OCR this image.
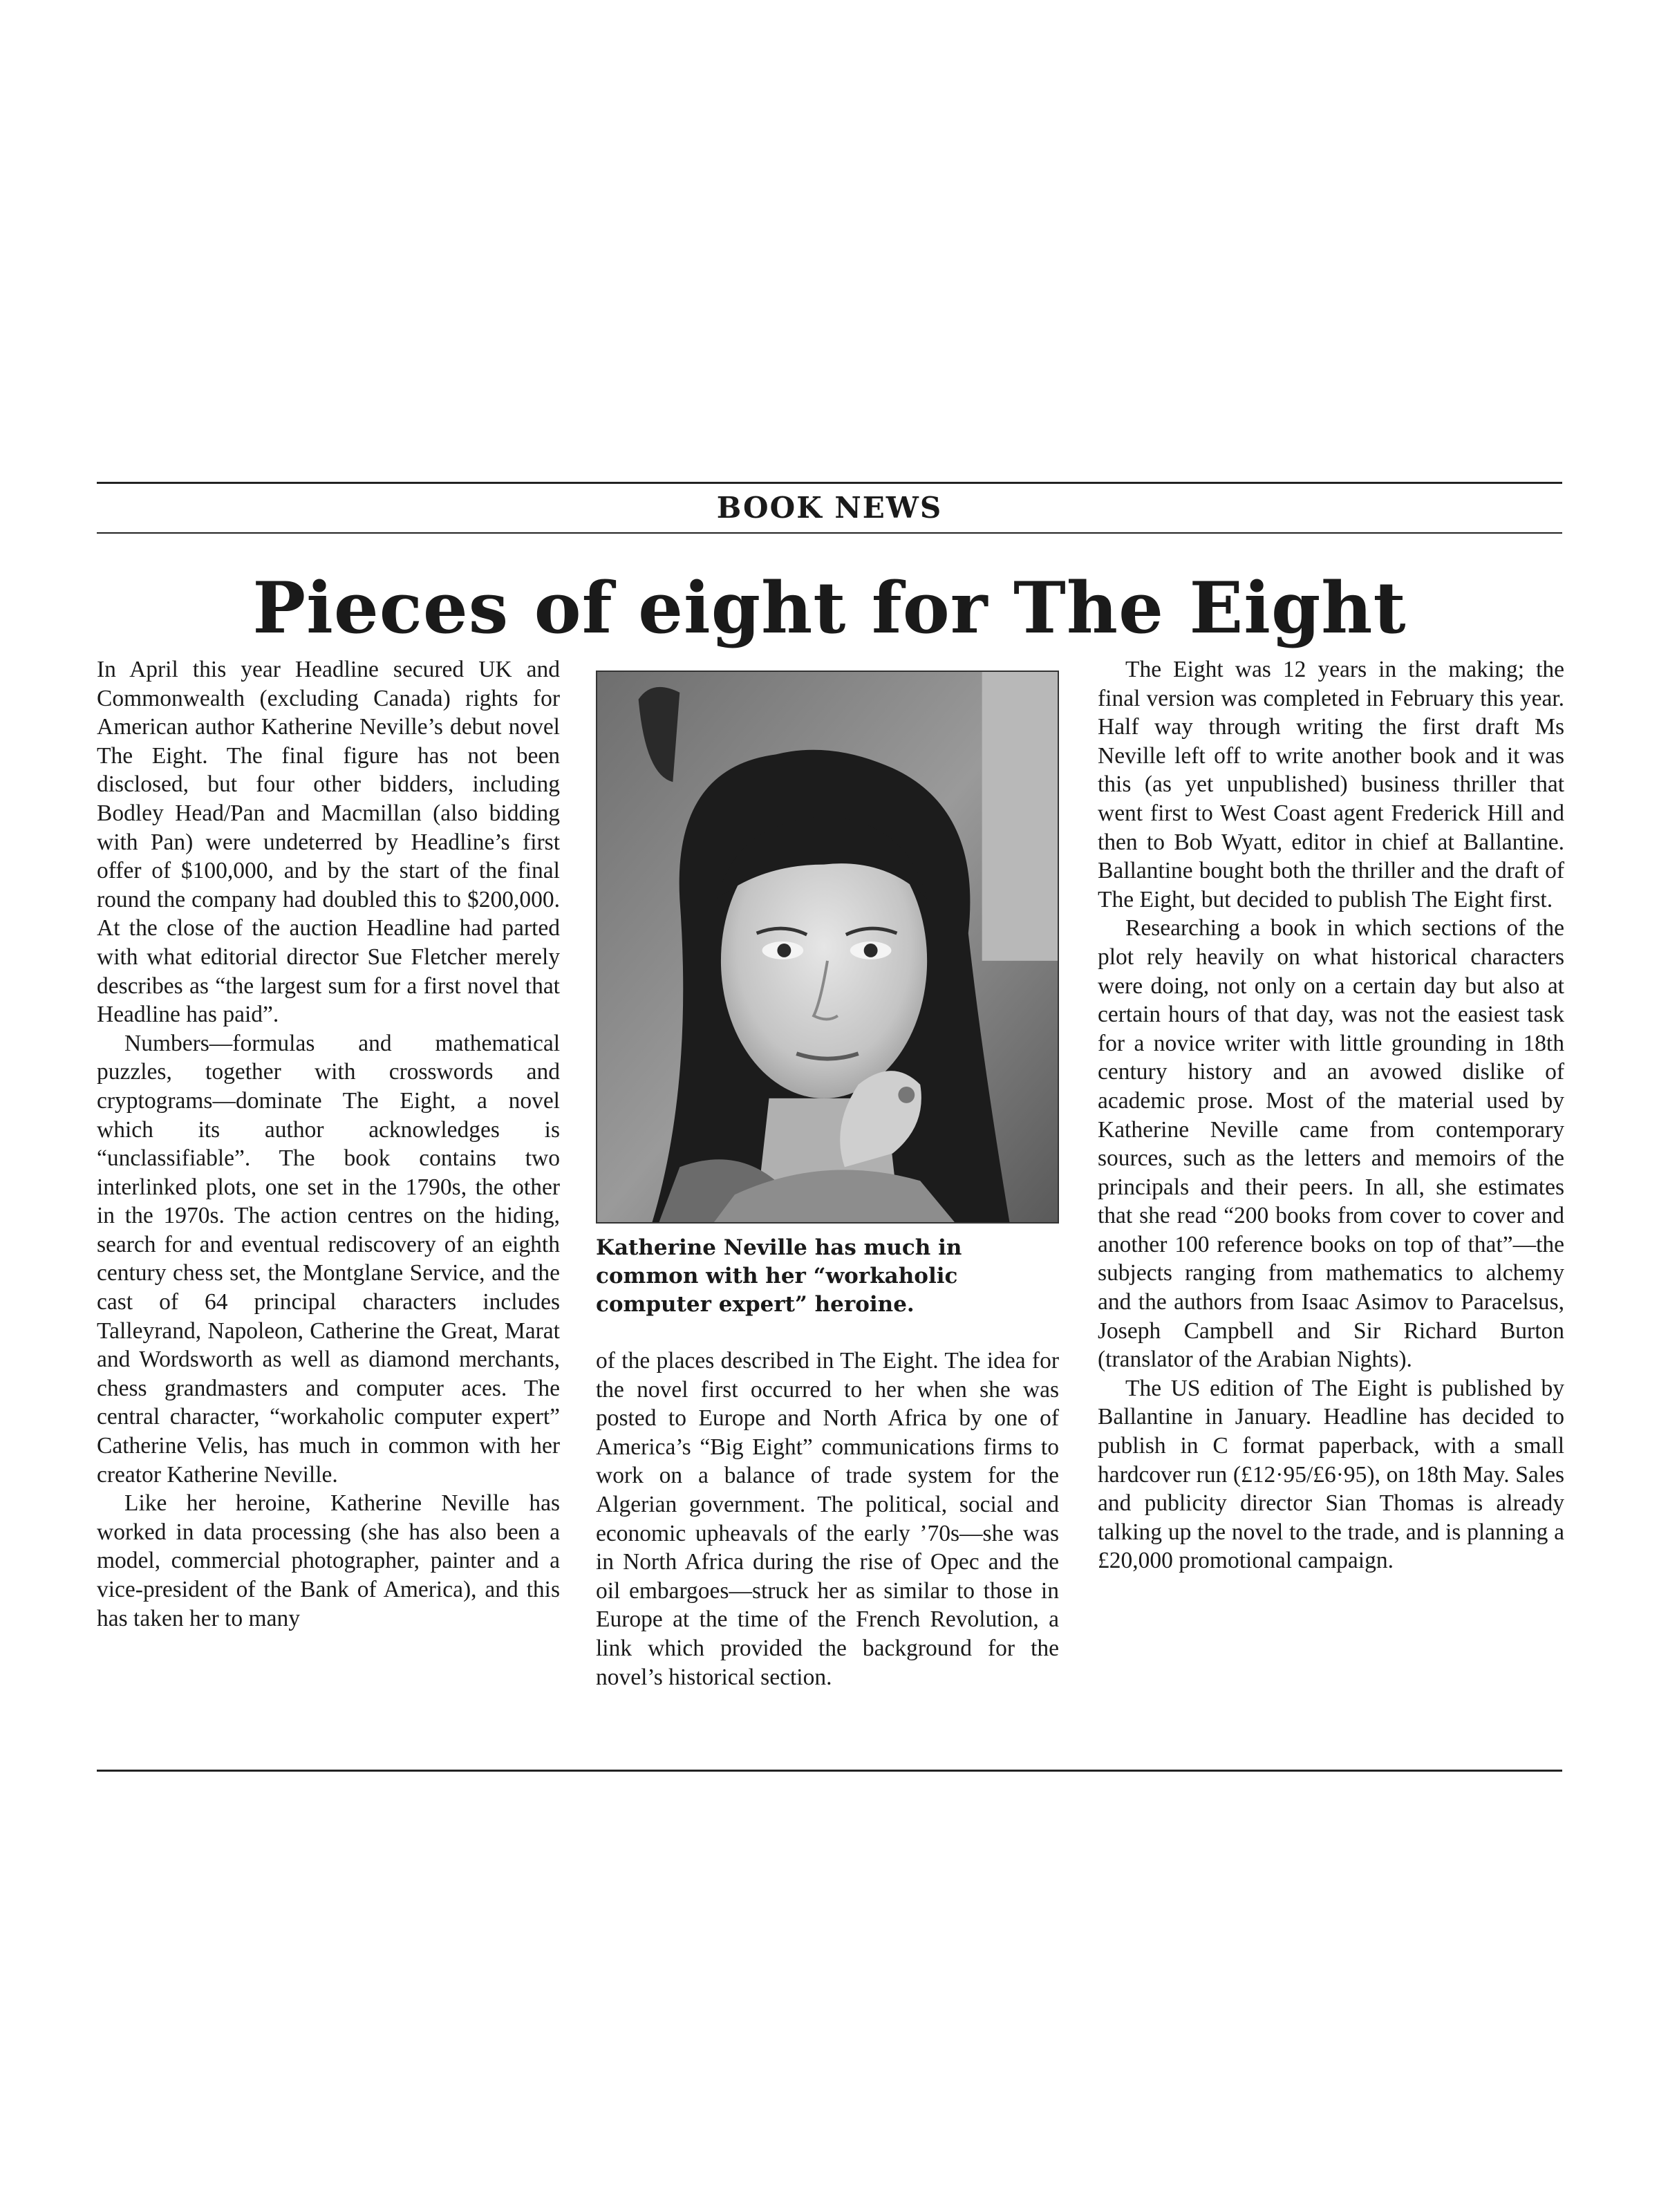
BOOK NEWS
Pieces of eight for The Eight

In April this year Headline secured UK and Commonwealth (excluding Canada) rights for American author Katherine Neville’s debut novel The Eight. The final figure has not been disclosed, but four other bidders, including Bodley Head/Pan and Macmillan (also bidding with Pan) were undeterred by Headline’s first offer of $100,000, and by the start of the final round the company had doubled this to $200,000. At the close of the auction Headline had parted with what editorial director Sue Fletcher merely describes as “the largest sum for a first novel that Headline has paid”.

Numbers—formulas and mathematical puzzles, together with crosswords and cryptograms—dominate The Eight, a novel which its author acknowledges is “unclassifiable”. The book contains two interlinked plots, one set in the 1790s, the other in the 1970s. The action centres on the hiding, search for and eventual rediscovery of an eighth century chess set, the Montglane Service, and the cast of 64 principal characters includes Talleyrand, Napoleon, Catherine the Great, Marat and Wordsworth as well as diamond merchants, chess grandmasters and computer aces. The central character, “workaholic computer expert” Catherine Velis, has much in common with her creator Katherine Neville.

Like her heroine, Katherine Neville has worked in data processing (she has also been a model, commercial photographer, painter and a vice-president of the Bank of America), and this has taken her to many

Katherine Neville has much in common with her “workaholic computer expert” heroine.

of the places described in The Eight. The idea for the novel first occurred to her when she was posted to Europe and North Africa by one of America’s “Big Eight” communications firms to work on a balance of trade system for the Algerian government. The political, social and economic upheavals of the early ’70s—she was in North Africa during the rise of Opec and the oil embargoes—struck her as similar to those in Europe at the time of the French Revolution, a link which provided the background for the novel’s historical section.

The Eight was 12 years in the making; the final version was completed in February this year. Half way through writing the first draft Ms Neville left off to write another book and it was this (as yet unpublished) business thriller that went first to West Coast agent Frederick Hill and then to Bob Wyatt, editor in chief at Ballantine. Ballantine bought both the thriller and the draft of The Eight, but decided to publish The Eight first.

Researching a book in which sections of the plot rely heavily on what historical characters were doing, not only on a certain day but also at certain hours of that day, was not the easiest task for a novice writer with little grounding in 18th century history and an avowed dislike of academic prose. Most of the material used by Katherine Neville came from contemporary sources, such as the letters and memoirs of the principals and their peers. In all, she estimates that she read “200 books from cover to cover and another 100 reference books on top of that”—the subjects ranging from mathematics to alchemy and the authors from Isaac Asimov to Paracelsus, Joseph Campbell and Sir Richard Burton (translator of the Arabian Nights).

The US edition of The Eight is published by Ballantine in January. Headline has decided to publish in C format paperback, with a small hardcover run (£12·95/£6·95), on 18th May. Sales and publicity director Sian Thomas is already talking up the novel to the trade, and is planning a £20,000 promotional campaign.
